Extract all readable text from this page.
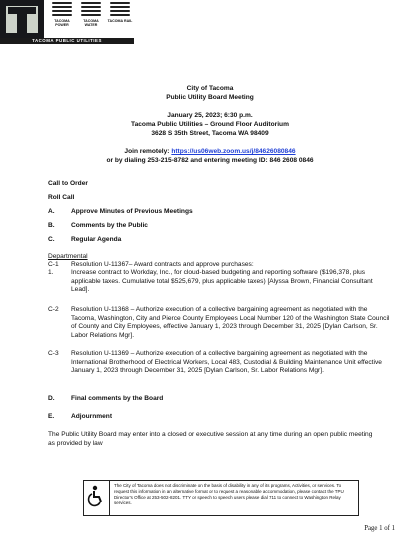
TACOMA POWER
TACOMA WATER
TACOMA RAIL
TACOMA PUBLIC UTILITIES
City of Tacoma
Public Utility Board Meeting
January 25, 2023; 6:30 p.m.
Tacoma Public Utilities – Ground Floor Auditorium
3628 S 35th Street, Tacoma WA 98409
Join remotely: https://us06web.zoom.us/j/84626080846
or by dialing 253-215-8782 and entering meeting ID: 846 2608 0846
Call to Order
Roll Call
A. Approve Minutes of Previous Meetings
B. Comments by the Public
C. Regular Agenda
Departmental
C-1 Resolution U-11367– Award contracts and approve purchases:
1.	Increase contract to Workday, Inc., for cloud-based budgeting and reporting software ($196,378, plus applicable taxes. Cumulative total $525,679, plus applicable taxes) [Alyssa Brown, Financial Consultant Lead].
C-2 Resolution U-11368 – Authorize execution of a collective bargaining agreement as negotiated with the Tacoma, Washington, City and Pierce County Employees Local Number 120 of the Washington State Council of County and City Employees, effective January 1, 2023 through December 31, 2025 [Dylan Carlson, Sr. Labor Relations Mgr].
C-3 Resolution U-11369 – Authorize execution of a collective bargaining agreement as negotiated with the International Brotherhood of Electrical Workers, Local 483, Custodial & Building Maintenance Unit effective January 1, 2023 through December 31, 2025 [Dylan Carlson, Sr. Labor Relations Mgr].
D. Final comments by the Board
E.	Adjournment
The Public Utility Board may enter into a closed or executive session at any time during an open public meeting as provided by law
The City of Tacoma does not discriminate on the basis of disability in any of its programs, Activities, or services. To request this information in an alternative format or to request a reasonable accommodation, please contact the TPU Director's Office at 253-502-8201. TTY or speech to speech users please dial 711 to connect to Washington Relay services.
Page 1 of 1
